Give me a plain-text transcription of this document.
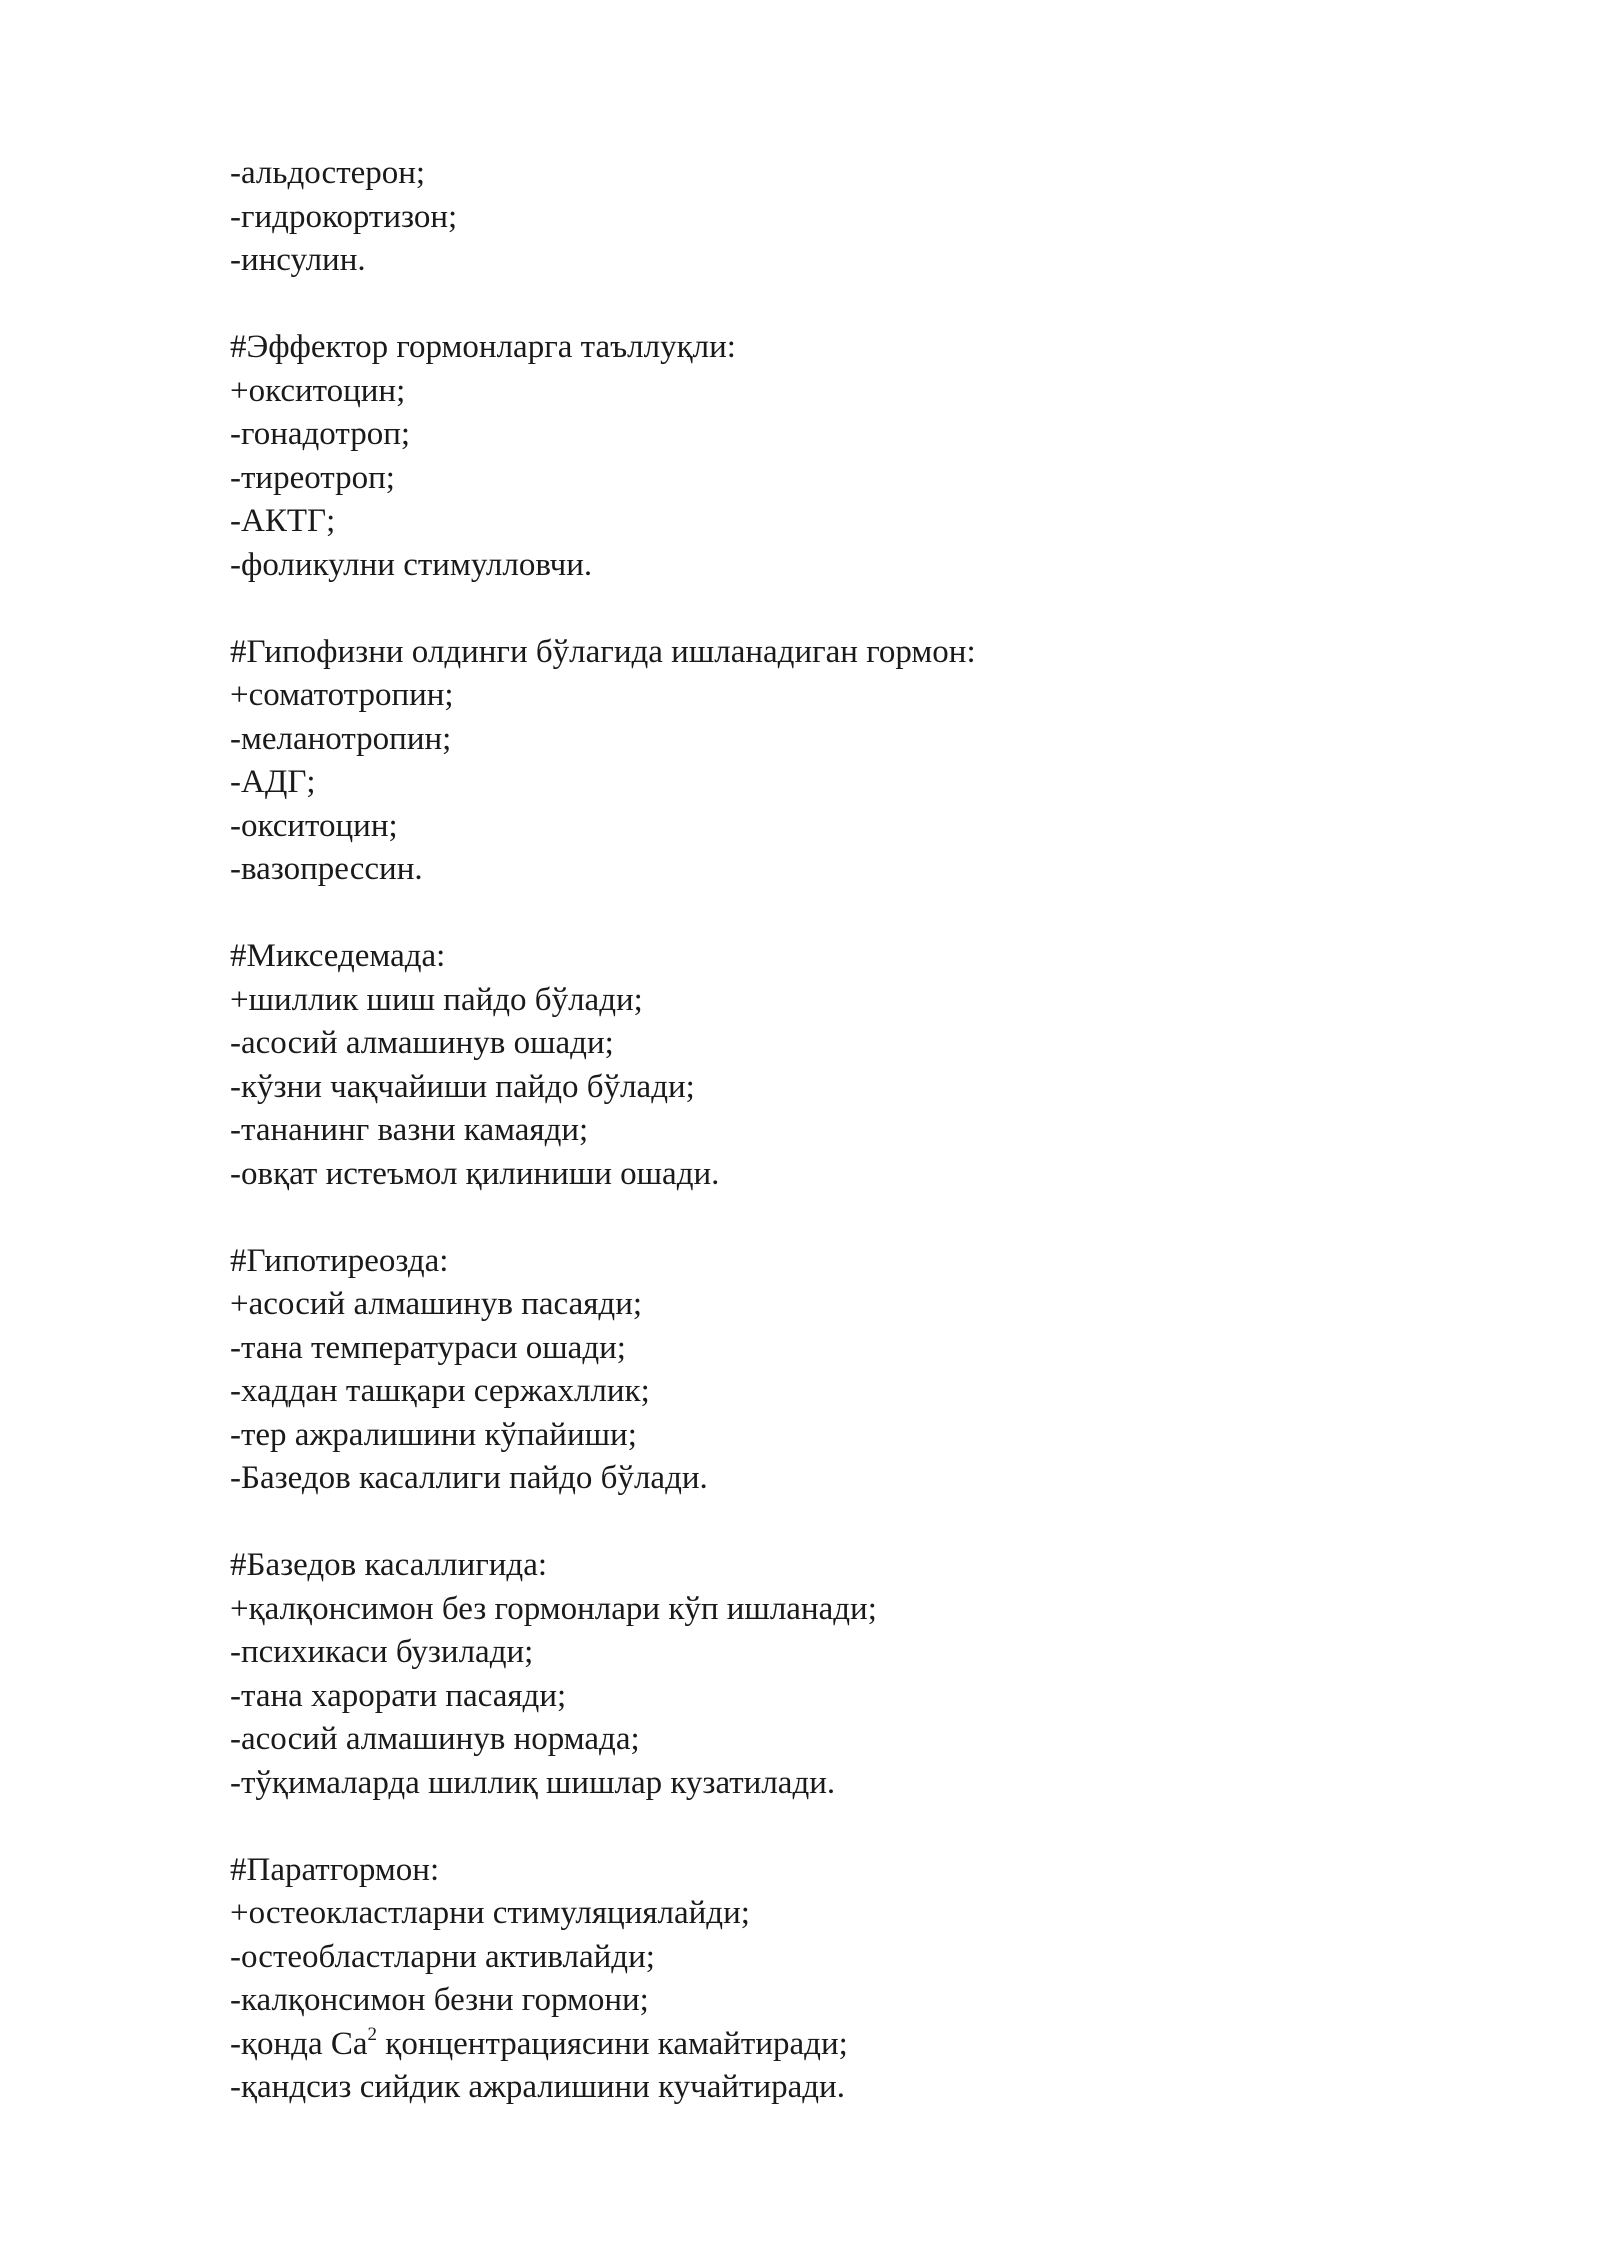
-альдостерон;
-гидрокортизон;
-инсулин.
#Эффектор гормонларга таъллуқли:
+окситоцин;
-гонадотроп;
-тиреотроп;
-АКТГ;
-фоликулни стимулловчи.
#Гипофизни олдинги бўлагида ишланадиган гормон:
+соматотропин;
-меланотропин;
-АДГ;
-окситоцин;
-вазопрессин.
#Микседемада:
+шиллик шиш пайдо бўлади;
-асосий алмашинув ошади;
-кўзни чақчайиши пайдо бўлади;
-тананинг вазни камаяди;
-овқат истеъмол қилиниши ошади.
#Гипотиреозда:
+асосий алмашинув пасаяди;
-тана температураси ошади;
-хаддан ташқари сержахллик;
-тер ажралишини кўпайиши;
-Базедов касаллиги пайдо бўлади.
#Базедов касаллигида:
+қалқонсимон без гормонлари кўп ишланади;
-психикаси бузилади;
-тана харорати пасаяди;
-асосий алмашинув нормада;
-тўқималарда шиллиқ шишлар кузатилади.
#Паратгормон:
+остеокластларни стимуляциялайди;
-остеобластларни активлайди;
-калқонсимон безни гормони;
-қонда Ca$^2$ қонцентрациясини камайтиради;
-қандсиз сийдик ажралишини кучайтиради.
